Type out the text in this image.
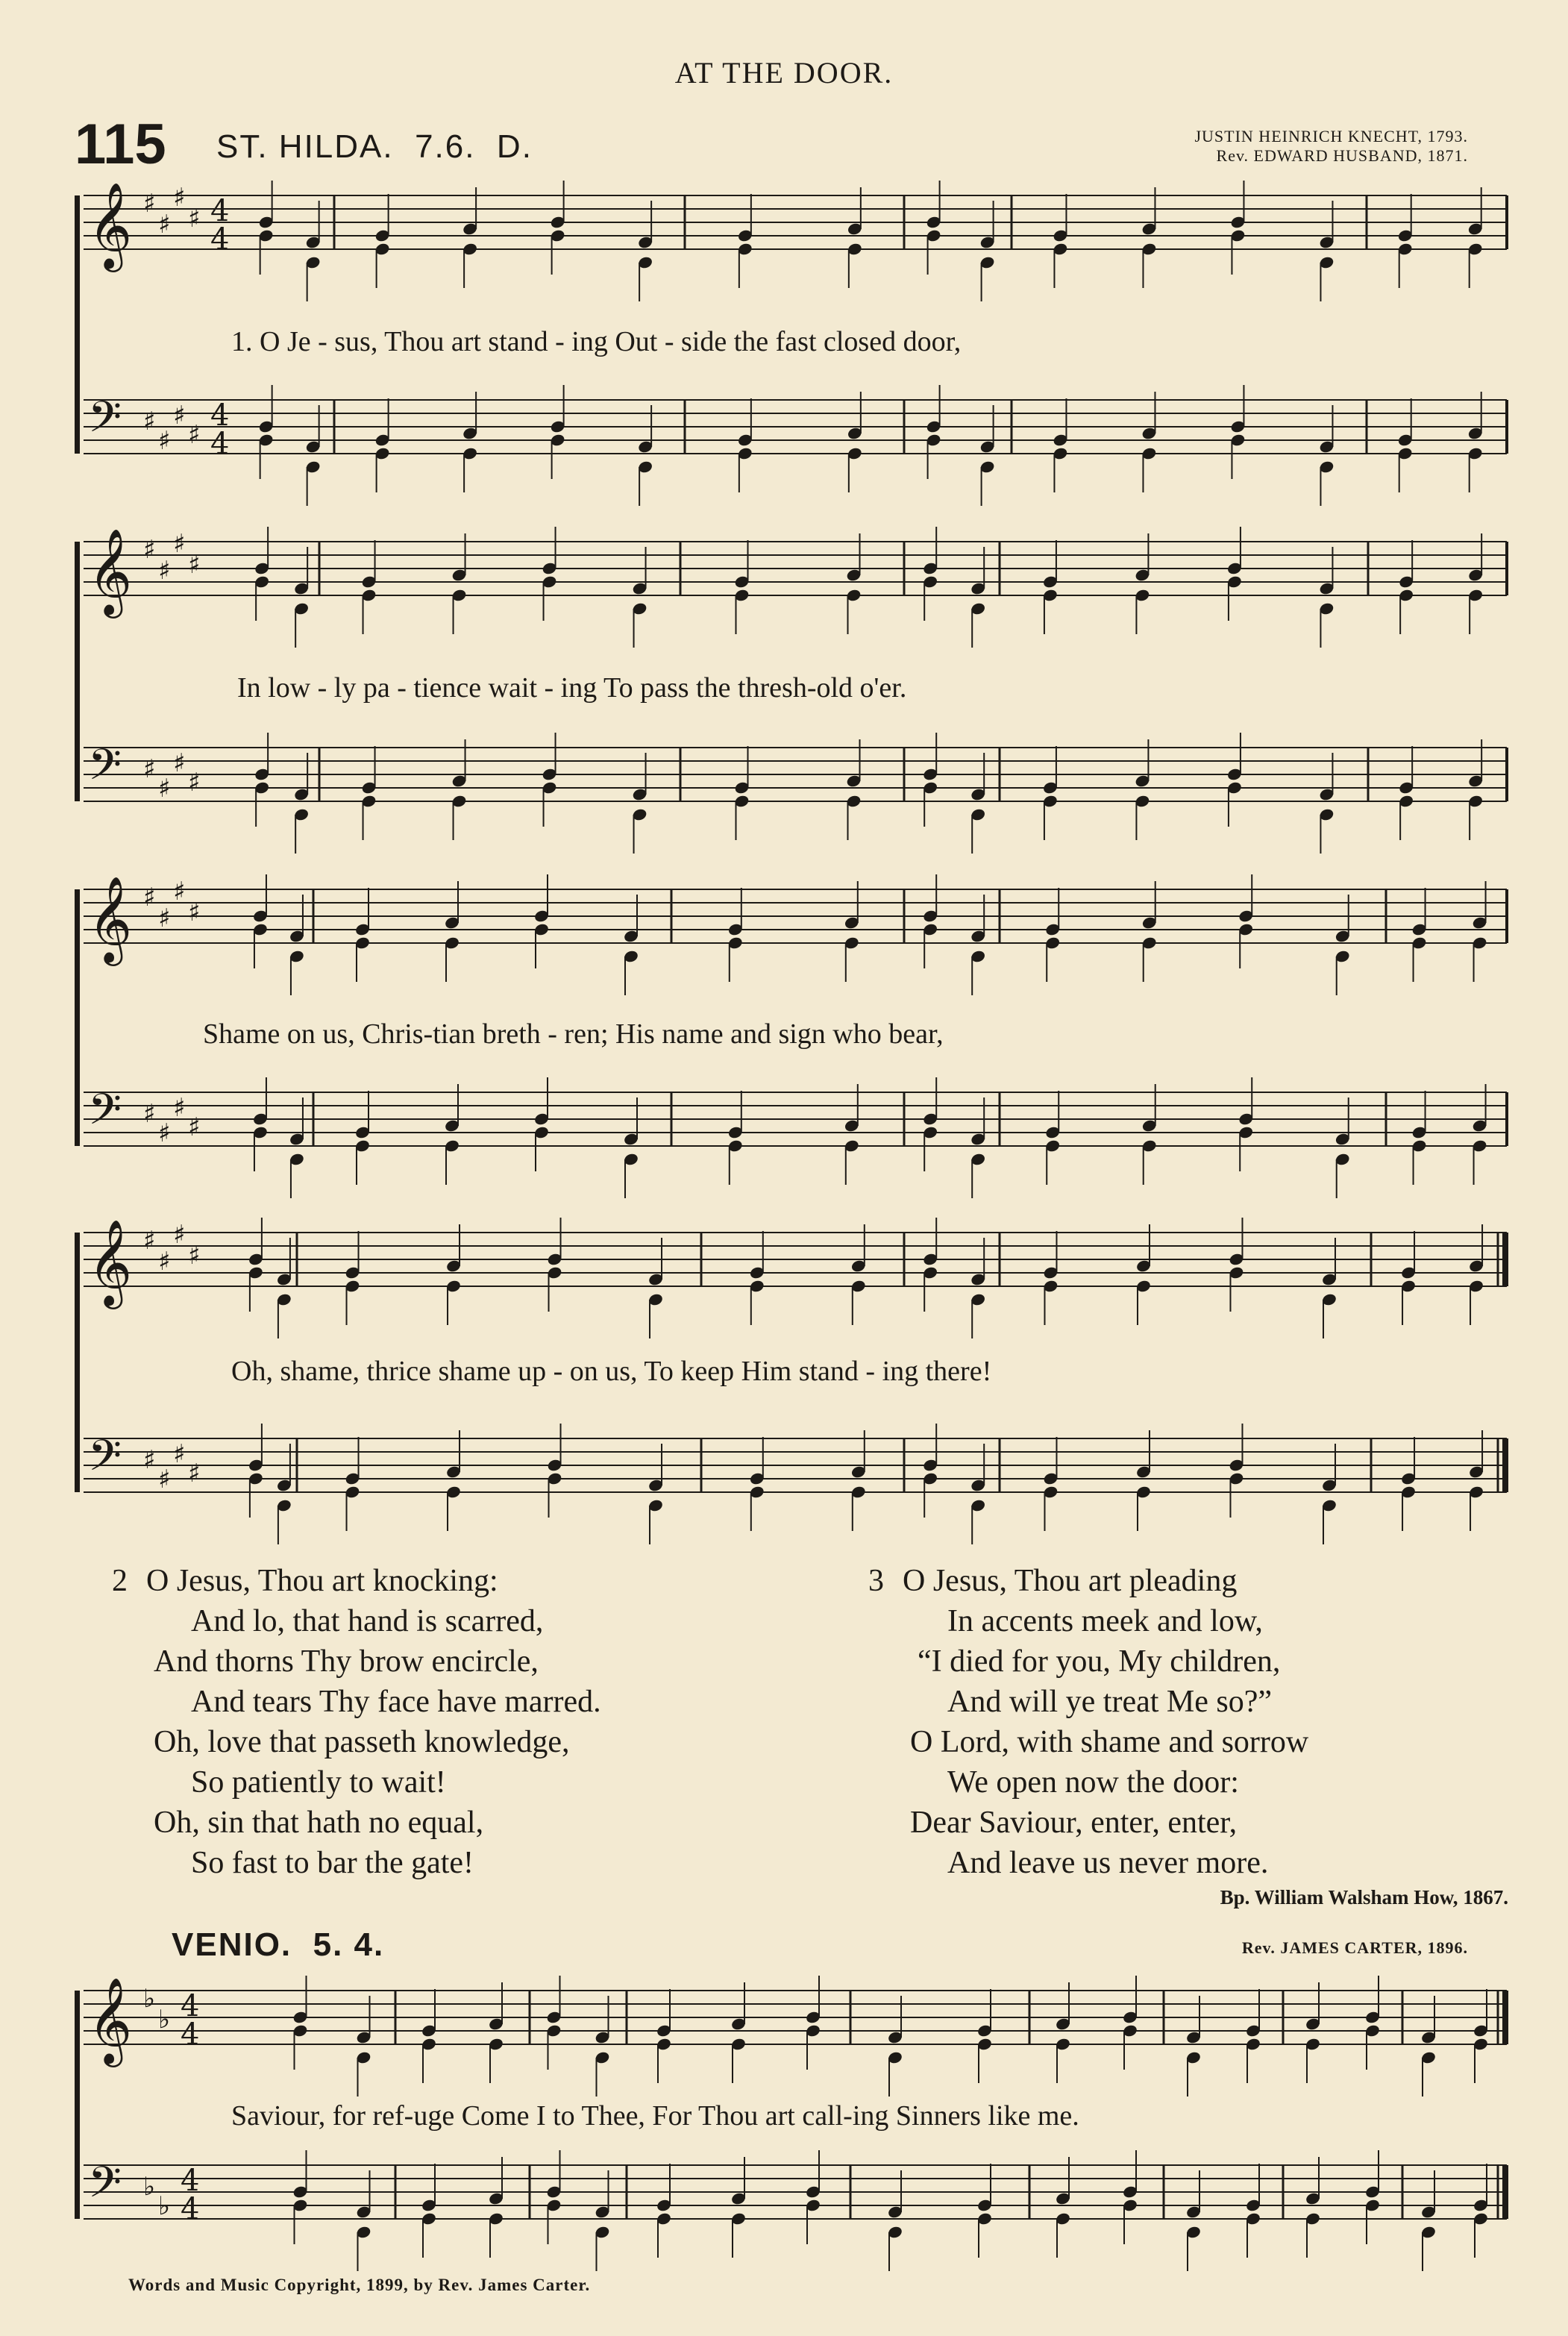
AT THE DOOR.
115 ST. HILDA. 7.6. D.	JUSTIN HEINRICH KNECHT, 1793.
Rev. EDWARD HUSBAND, 1871.
𝄞 ♯
♯
♯
♯ 4
4
𝄢 ♯
♯
♯
♯
4
4
𝄞 ♯
♯
♯
♯
𝄢 ♯
♯
♯
♯
𝄞 ♯
♯
♯
♯
𝄢 ♯
♯
♯
♯
𝄞 ♯
♯
♯
♯
𝄢 ♯
♯
♯
♯
𝄞 ♭
♭ 4
4
𝄢 ♭
♭
4
4
1. O Je - sus, Thou art stand - ing Out - side the fast closed door,
In low - ly pa - tience wait - ing To pass the thresh-old o'er.
Shame on us, Chris-tian breth - ren; His name and sign who bear,
Oh, shame, thrice shame up - on us, To keep Him stand - ing there!
2 O Jesus, Thou art knocking:
And lo, that hand is scarred,
And thorns Thy brow encircle,
And tears Thy face have marred.
Oh, love that passeth knowledge,
So patiently to wait!
Oh, sin that hath no equal,
So fast to bar the gate!
3 O Jesus, Thou art pleading
In accents meek and low,
“I died for you, My children,
And will ye treat Me so?”
O Lord, with shame and sorrow
We open now the door:
Dear Saviour, enter, enter,
And leave us never more.
Bp. William Walsham How, 1867.
VENIO. 5. 4.	Rev. JAMES CARTER, 1896.
Saviour, for ref-uge Come I to Thee, For Thou art call-ing Sinners like me.
Words and Music Copyright, 1899, by Rev. James Carter.
